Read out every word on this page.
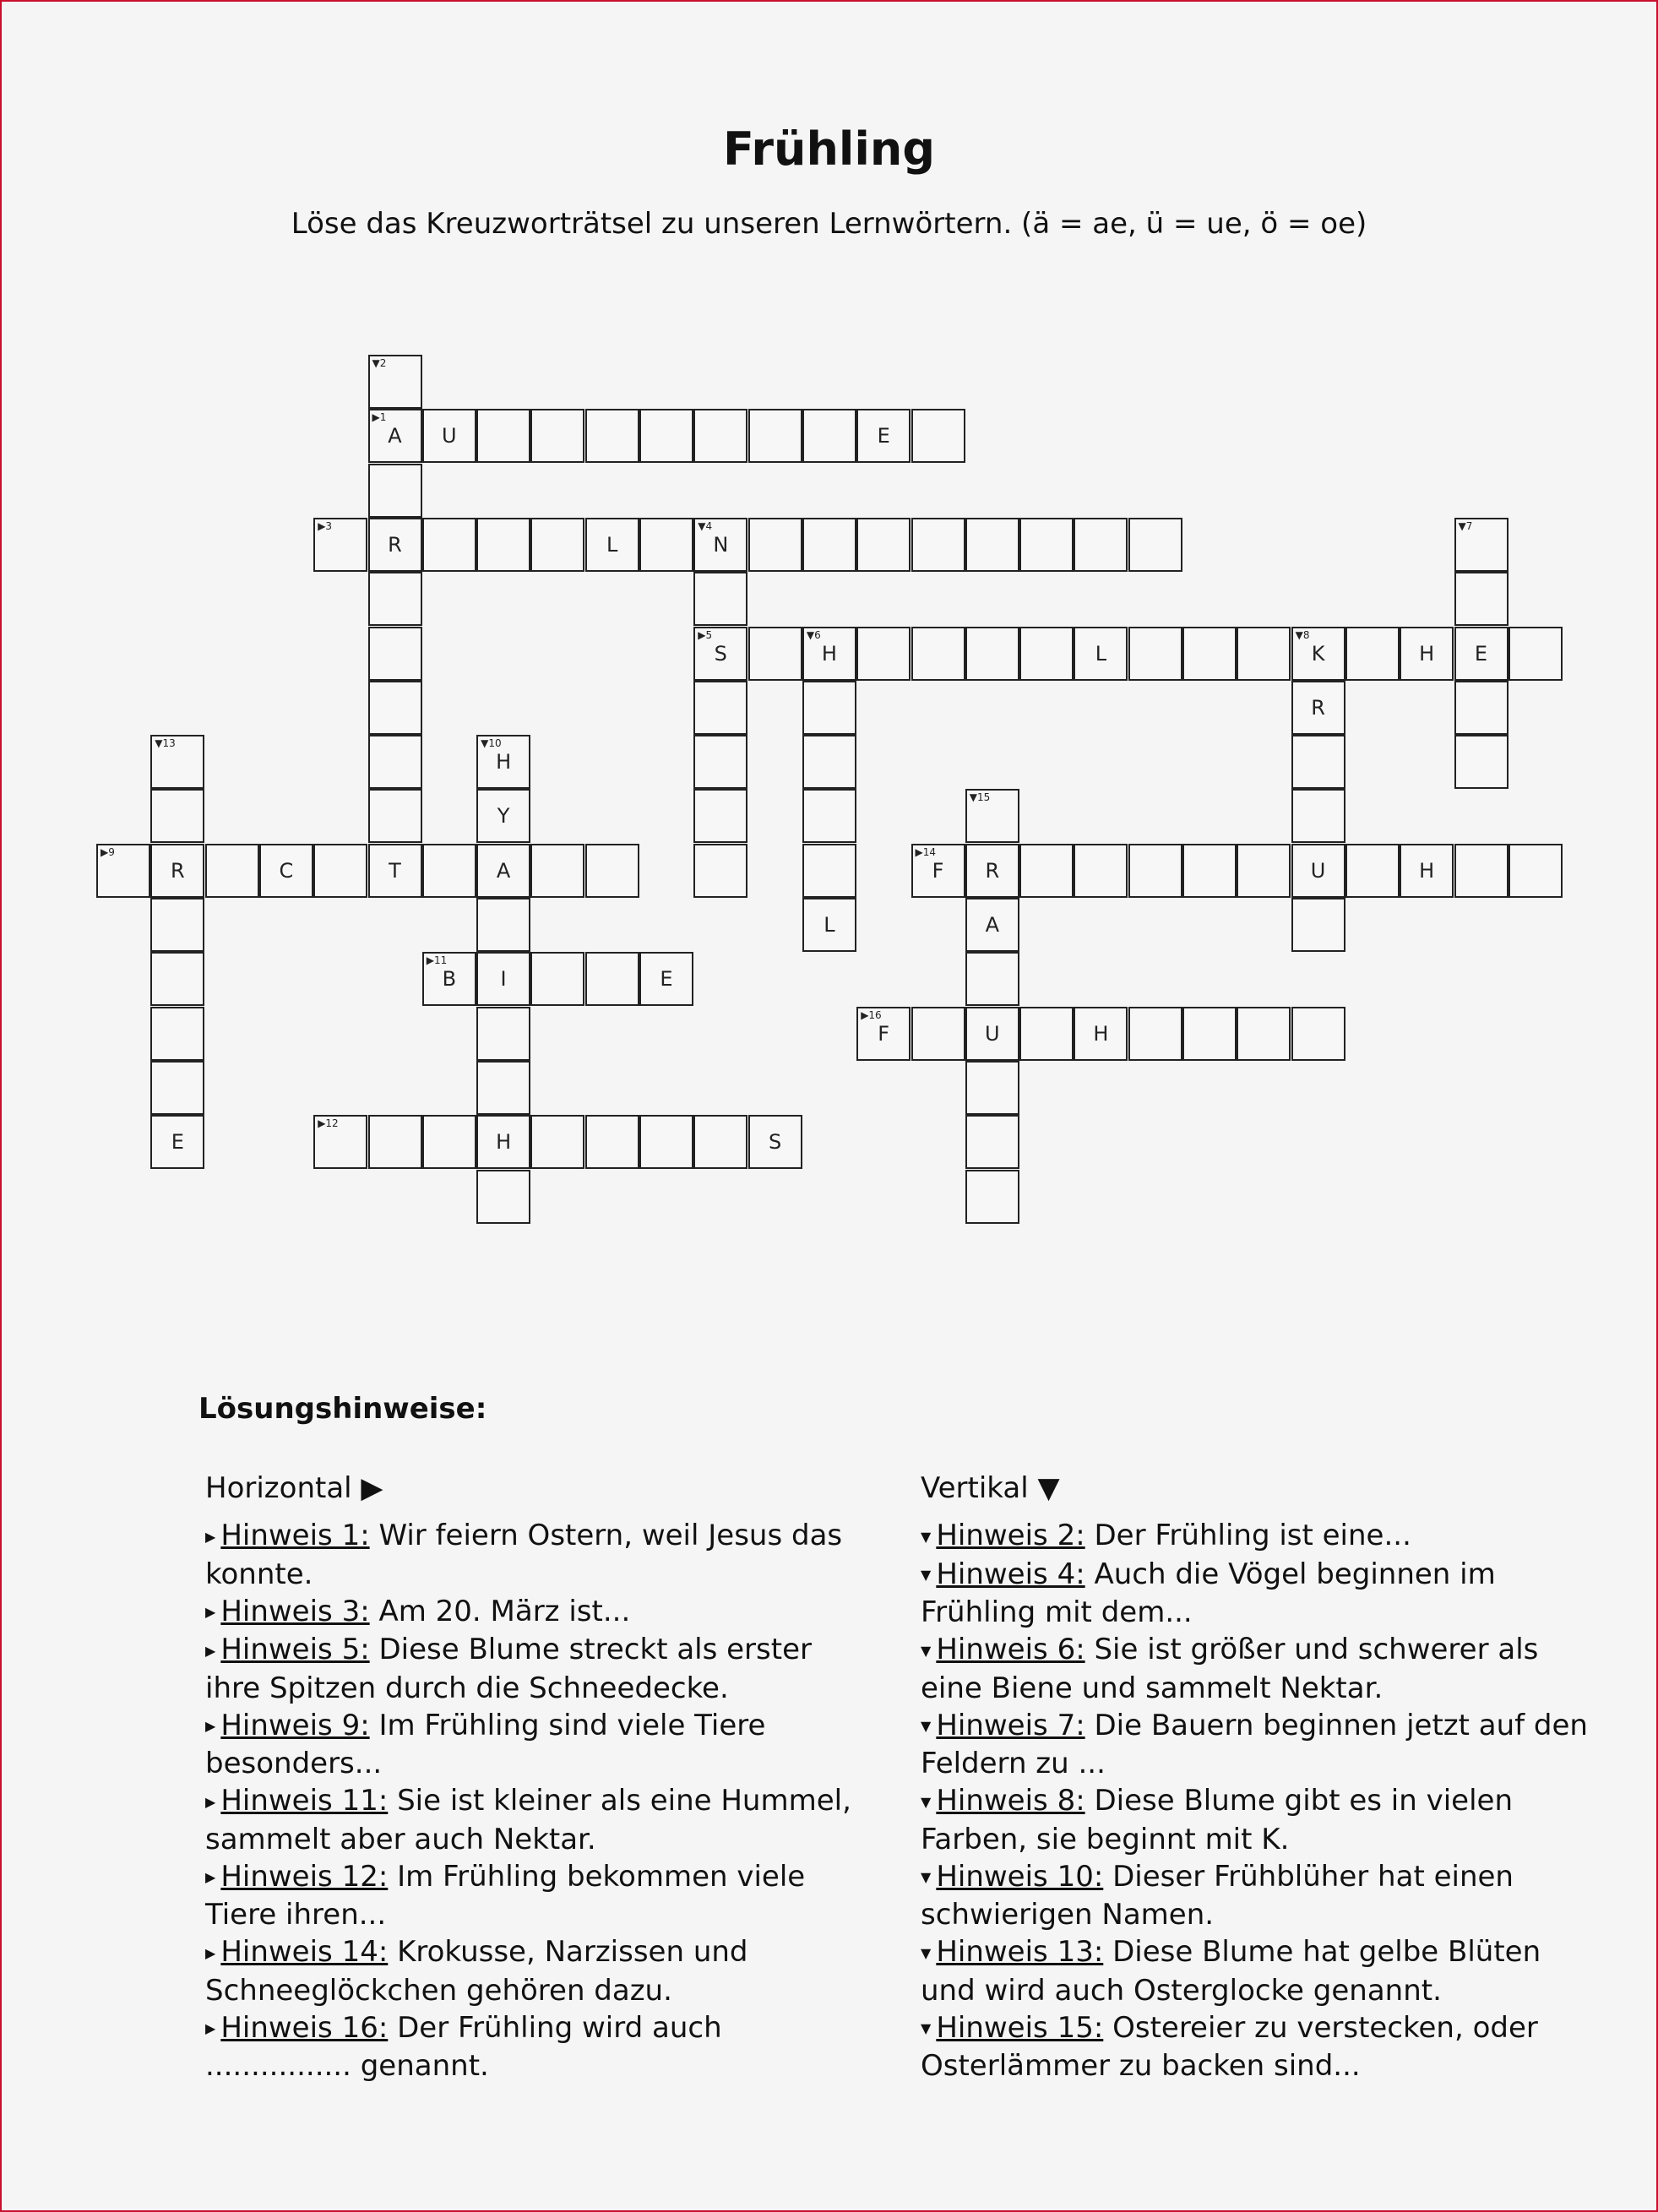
Frühling

Löse das Kreuzworträtsel zu unseren Lernwörtern. (ä = ae, ü = ue, ö = oe)

A
▶1
U	E
▶3
R	L	N
▼4
S
▶5
H
▼6
L	K
▼8
H E
▶9
R	C	T	A
B
▶11
I	E
▶12
H	S
F
▶14
R	U	H
F
▶16
U	H
▼2
L
▼7
R
H
▼10
Y
▼13
E
▼15
A
Lösungshinweise:
Horizontal ▶

▶ Hinweis 1: Wir feiern Ostern, weil Jesus das konnte.

▶ Hinweis 3: Am 20. März ist...

▶ Hinweis 5: Diese Blume streckt als erster ihre Spitzen durch die Schneedecke.

▶ Hinweis 9: Im Frühling sind viele Tiere besonders...

▶ Hinweis 11: Sie ist kleiner als eine Hummel, sammelt aber auch Nektar.

▶ Hinweis 12: Im Frühling bekommen viele Tiere ihren...

▶ Hinweis 14: Krokusse, Narzissen und Schneeglöckchen gehören dazu.

▶ Hinweis 16: Der Frühling wird auch ................ genannt.

Vertikal ▼

▼ Hinweis 2: Der Frühling ist eine...

▼ Hinweis 4: Auch die Vögel beginnen im Frühling mit dem...

▼ Hinweis 6: Sie ist größer und schwerer als eine Biene und sammelt Nektar.

▼ Hinweis 7: Die Bauern beginnen jetzt auf den Feldern zu ...

▼ Hinweis 8: Diese Blume gibt es in vielen Farben, sie beginnt mit K.

▼ Hinweis 10: Dieser Frühblüher hat einen schwierigen Namen.

▼ Hinweis 13: Diese Blume hat gelbe Blüten und wird auch Osterglocke genannt.

▼ Hinweis 15: Ostereier zu verstecken, oder Osterlämmer zu backen sind...
